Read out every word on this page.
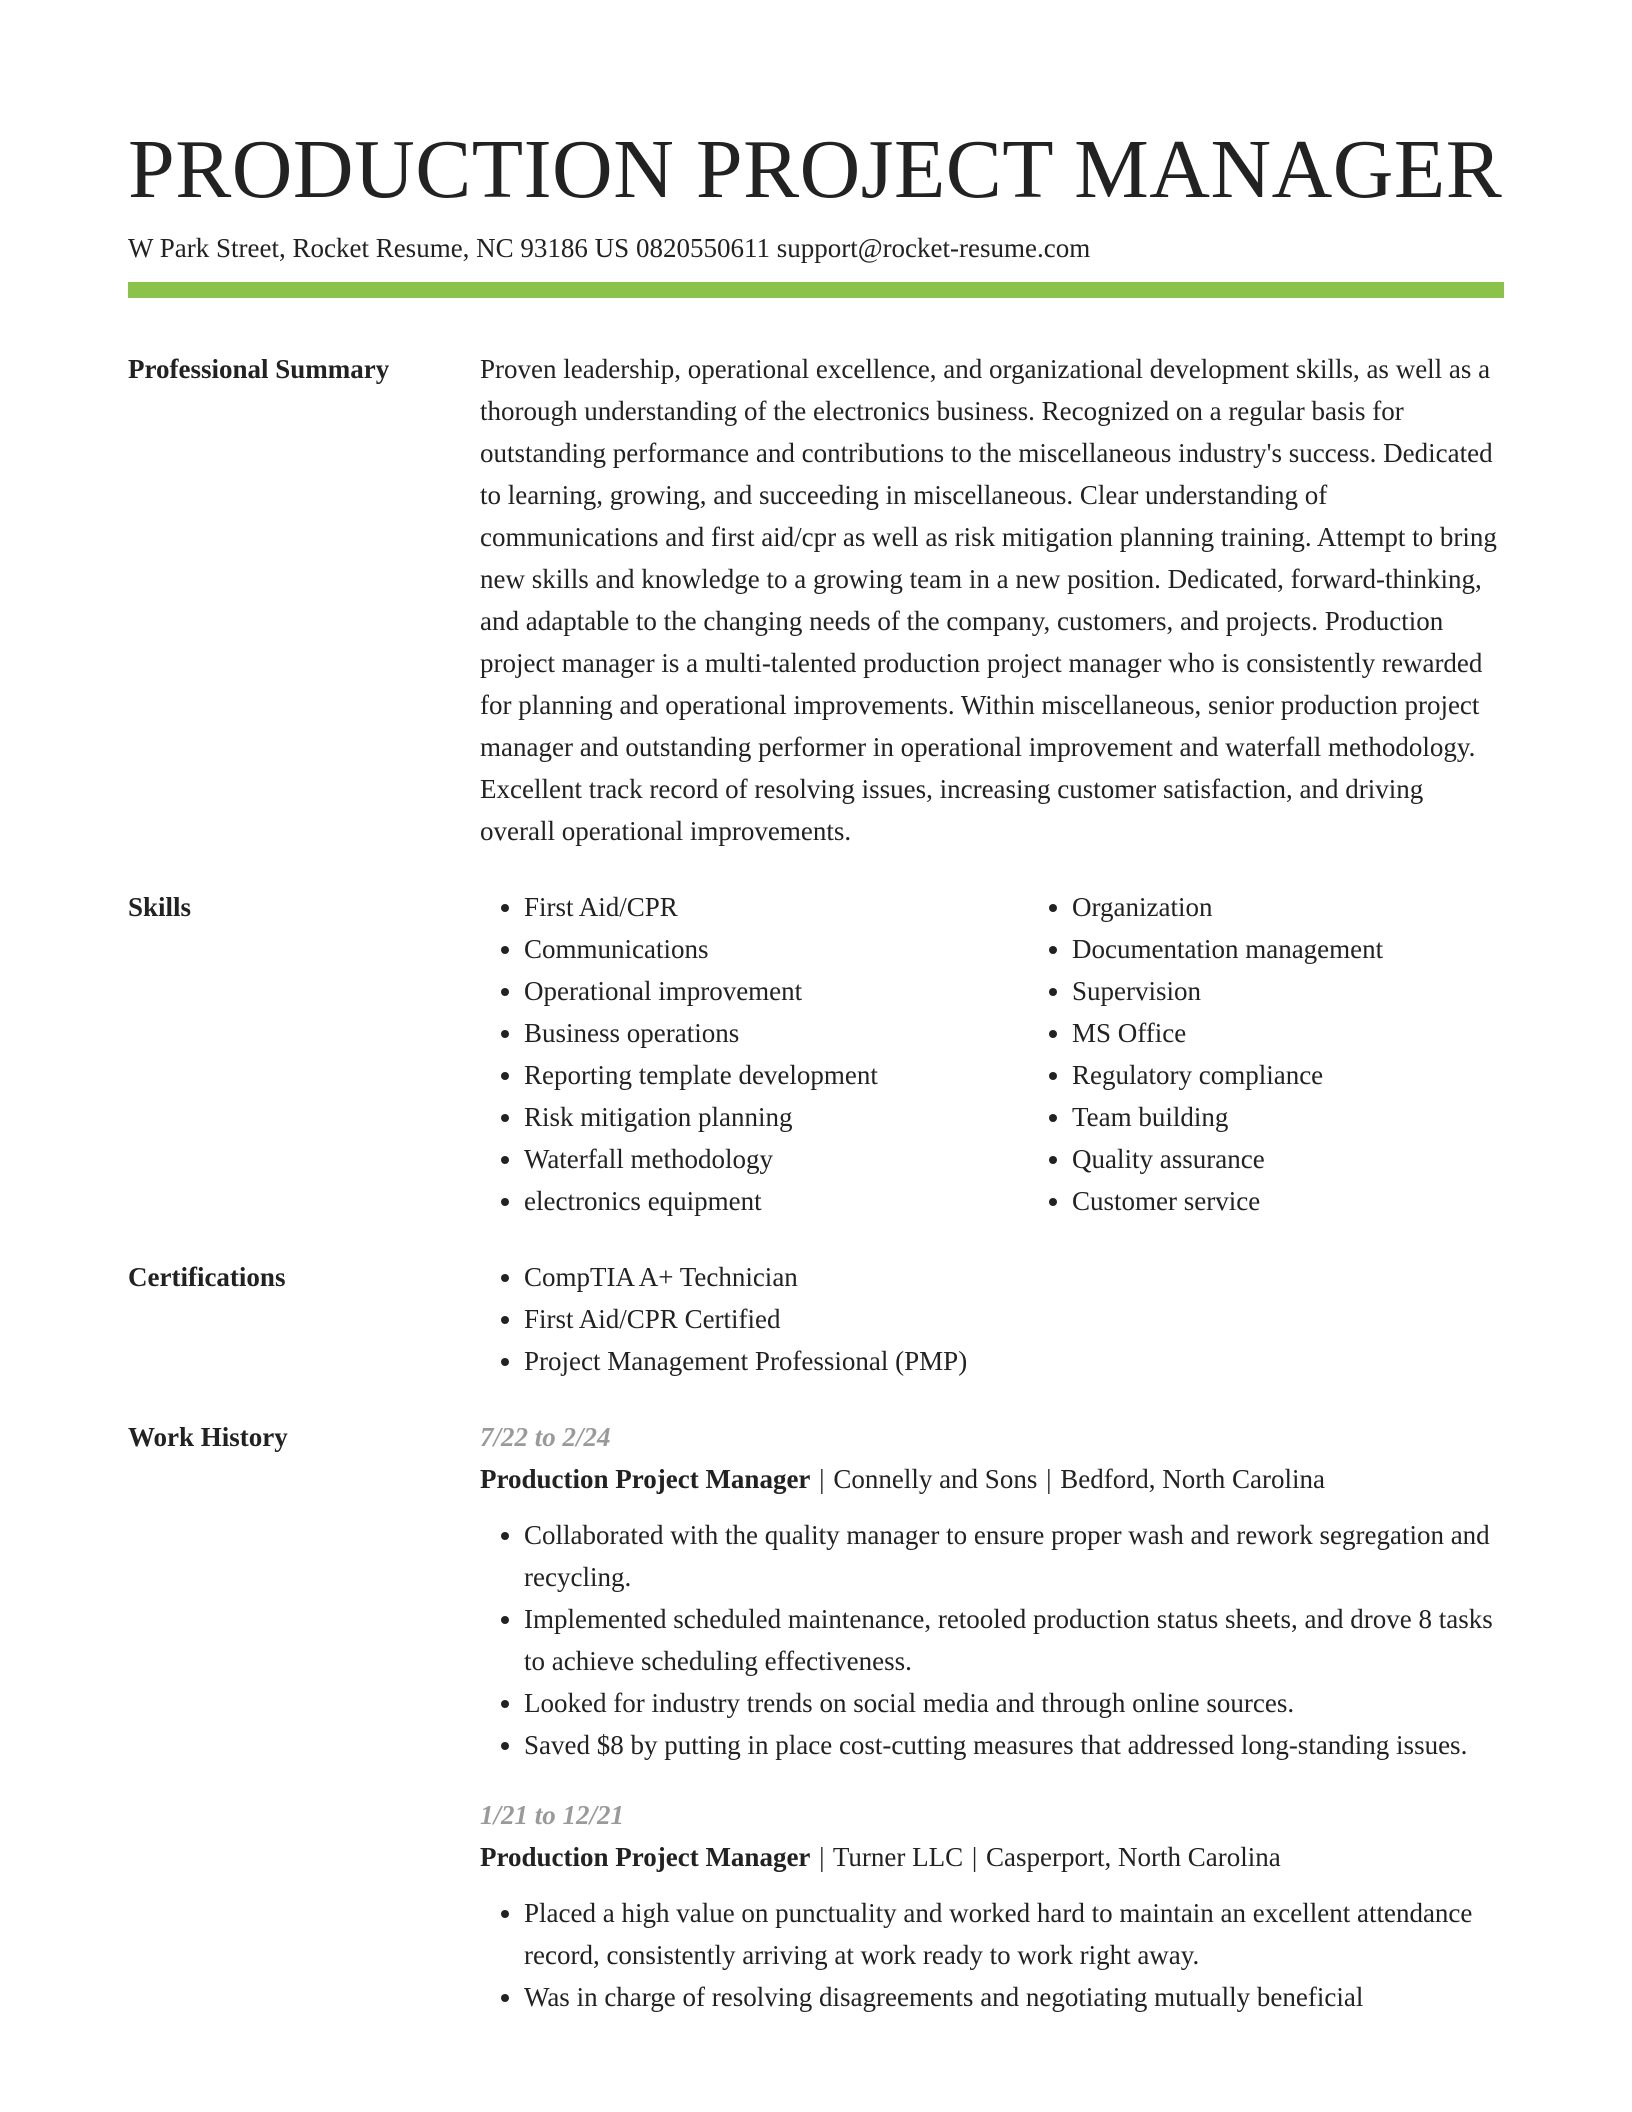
PRODUCTION PROJECT MANAGER
W Park Street, Rocket Resume, NC 93186 US 0820550611 support@rocket-resume.com
Professional Summary	Proven leadership, operational excellence, and organizational development skills, as well as a thorough understanding of the electronics business. Recognized on a regular basis for outstanding performance and contributions to the miscellaneous industry's success. Dedicated to learning, growing, and succeeding in miscellaneous. Clear understanding of communications and first aid/cpr as well as risk mitigation planning training. Attempt to bring new skills and knowledge to a growing team in a new position. Dedicated, forward-thinking, and adaptable to the changing needs of the company, customers, and projects. Production project manager is a multi-talented production project manager who is consistently rewarded for planning and operational improvements. Within miscellaneous, senior production project manager and outstanding performer in operational improvement and waterfall methodology. Excellent track record of resolving issues, increasing customer satisfaction, and driving overall operational improvements.

Skills	• First Aid/CPR
• Communications
• Operational improvement
• Business operations
• Reporting template development
• Risk mitigation planning
• Waterfall methodology
• electronics equipment
• Organization
• Documentation management
• Supervision
• MS Office
• Regulatory compliance
• Team building
• Quality assurance
• Customer service
Certifications	• CompTIA A+ Technician
• First Aid/CPR Certified
• Project Management Professional (PMP)
Work History	7/22 to 2/24
Production Project Manager | Connelly and Sons | Bedford, North Carolina
• Collaborated with the quality manager to ensure proper wash and rework segregation and recycling.
• Implemented scheduled maintenance, retooled production status sheets, and drove 8 tasks to achieve scheduling effectiveness.
• Looked for industry trends on social media and through online sources.
• Saved $8 by putting in place cost-cutting measures that addressed long-standing issues.
1/21 to 12/21
Production Project Manager | Turner LLC | Casperport, North Carolina
• Placed a high value on punctuality and worked hard to maintain an excellent attendance record, consistently arriving at work ready to work right away.
• Was in charge of resolving disagreements and negotiating mutually beneficial
